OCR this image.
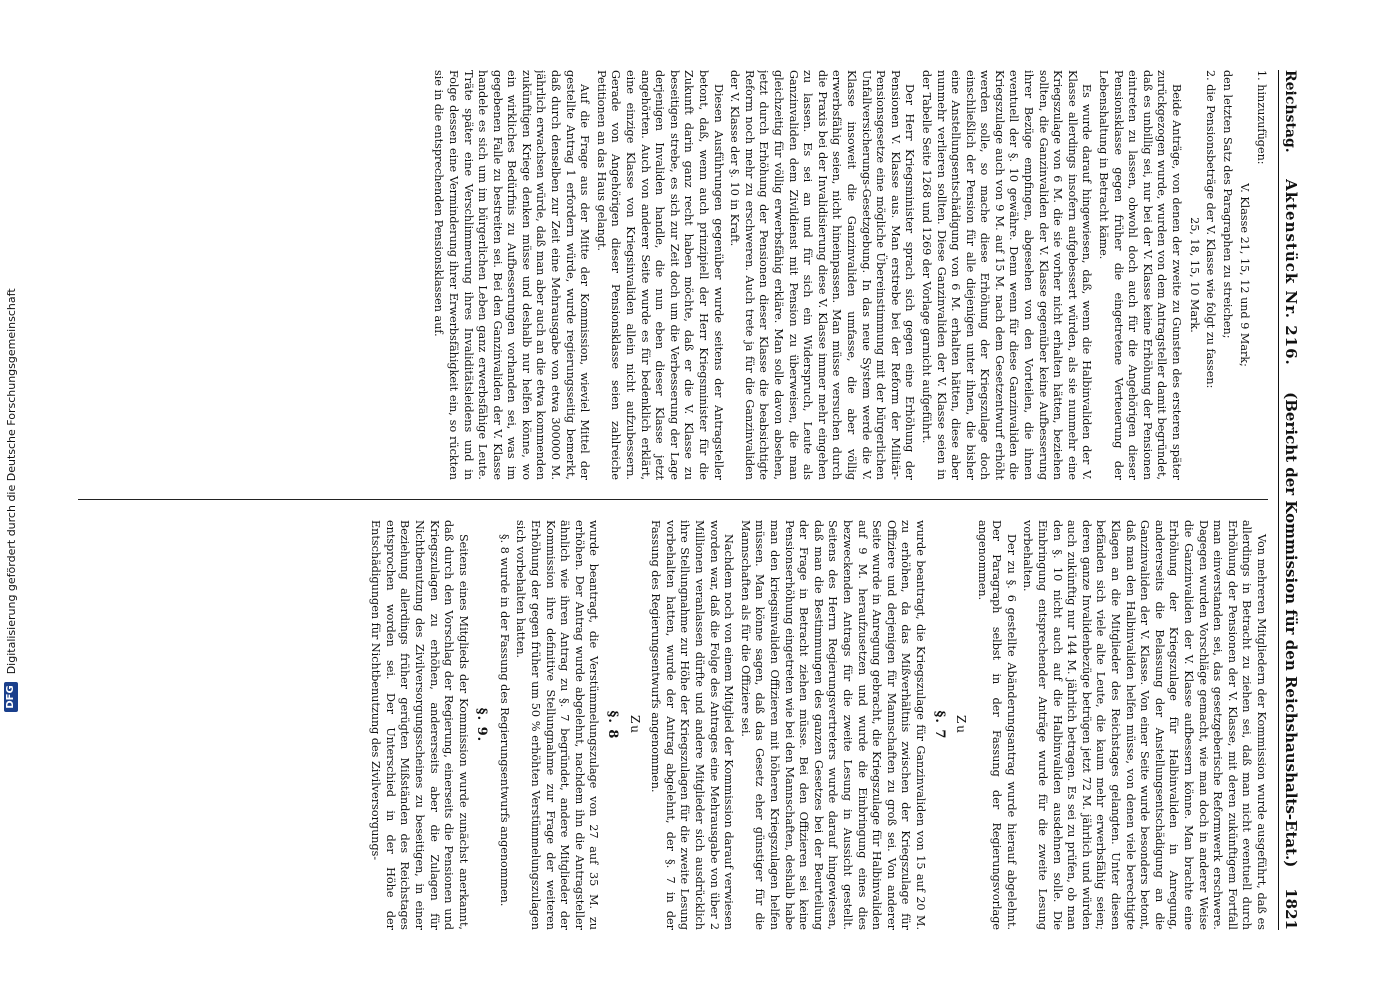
DFG
Digitalisierung gefördert durch die Deutsche Forschungsgemeinschaft
Reichstag.
Aktenstück Nr. 216.
(Bericht der Kommission für den Reichshaushalts-Etat.)    1821
1. hinzuzufügen:
V. Klasse 21, 15, 12 und 9 Mark;

den letzten Satz des Paragraphen zu streichen;

2. die Pensionsbeträge der V. Klasse wie folgt zu fassen:
25, 18, 15, 10 Mark.

Beide Anträge, von denen der zweite zu Gunsten des ersteren später zurückgezogen wurde, wurden von dem Antragsteller damit begründet, daß es unbillig sei, nur bei der V. Klasse keine Erhöhung der Pensionen eintreten zu lassen, obwohl doch auch für die Angehörigen dieser Pensionsklasse gegen früher die eingetretene Verteuerung der Lebenshaltung in Betracht käme.

Es wurde darauf hingewiesen, daß, wenn die Halbinvaliden der V. Klasse allerdings insofern aufgebessert würden, als sie nunmehr eine Kriegszulage von 6 M. die sie vorher nicht erhalten hätten, beziehen sollten, die Ganzinvaliden der V. Klasse gegenüber keine Aufbesserung ihrer Bezüge empfingen, abgesehen von den Vorteilen, die ihnen eventuell der §. 10 gewähre. Denn wenn für diese Ganzinvaliden die Kriegszulage auch von 9 M. auf 15 M. nach dem Gesetzentwurf erhöht werden solle, so mache diese Erhöhung der Kriegszulage doch einschließlich der Pension für alle diejenigen unter ihnen, die bisher eine Anstellungsentschädigung von 6 M. erhalten hätten, diese aber nunmehr verlieren sollten. Diese Ganzinvaliden der V. Klasse seien in der Tabelle Seite 1268 und 1269 der Vorlage garnicht aufgeführt.

Der Herr Kriegsminister sprach sich gegen eine Erhöhung der Pensionen V. Klasse aus. Man erstrebe bei der Reform der Militär-Pensionsgesetze eine mögliche Übereinstimmung mit der bürgerlichen Unfallversicherungs-Gesetzgebung. In das neue System werde die V. Klasse insoweit die Ganzinvaliden umfasse, die aber völlig erwerbsfähig seien, nicht hineinpassen. Man müsse versuchen durch die Praxis bei der Invalidisierung diese V. Klasse immer mehr eingehen zu lassen. Es sei an und für sich ein Widerspruch, Leute als Ganzinvaliden dem Zivildienst mit Pension zu überweisen, die man gleichzeitig für völlig erwerbsfähig erkläre. Man solle davon absehen, jetzt durch Erhöhung der Pensionen dieser Klasse die beabsichtigte Reform noch mehr zu erschweren. Auch trete ja für die Ganzinvaliden der V. Klasse der §. 10 in Kraft.

Diesen Ausführungen gegenüber wurde seitens der Antragsteller betont, daß, wenn auch prinzipiell der Herr Kriegsminister für die Zukunft darin ganz recht haben möchte, daß er die V. Klasse zu beseitigen strebe, es sich zur Zeit doch um die Verbesserung der Lage derjenigen Invaliden handle, die nun eben dieser Klasse jetzt angehörten. Auch von anderer Seite wurde es für bedenklich erklärt, eine einzige Klasse von Kriegsinvaliden allein nicht aufzubessern. Gerade von Angehörigen dieser Pensionsklasse seien zahlreiche Petitionen an das Haus gelangt.

Auf die Frage aus der Mitte der Kommission, wieviel Mittel der gestellte Antrag 1 erfordern würde, wurde regierungsseitig bemerkt, daß durch denselben zur Zeit eine Mehrausgabe von etwa 300000 M. jährlich erwachsen würde, daß man aber auch an die etwa kommenden zukünftigen Kriege denken müsse und deshalb nur helfen könne, wo ein wirkliches Bedürfnis zu Aufbesserungen vorhanden sei, was im gegebenen Falle zu bestreiten sei. Bei den Ganzinvaliden der V. Klasse handele es sich um im bürgerlichen Leben ganz erwerbsfähige Leute. Träte später eine Verschlimmerung ihres Invaliditätsleidens und in Folge dessen eine Verminderung ihrer Erwerbsfähigkeit ein, so rückten sie in die entsprechenden Pensionsklassen auf.

Von mehreren Mitgliedern der Kommission wurde ausgeführt, daß es allerdings in Betracht zu ziehen sei, daß man nicht eventuell durch Erhöhung der Pensionen der V. Klasse, mit deren zukünftigem Fortfall man einverstanden sei, das gesetzgeberische Reformwerk erschwere. Dagegen wurden Vorschläge gemacht, wie man doch in anderer Weise die Ganzinvaliden der V. Klasse aufbessern könne. Man brachte eine Erhöhung der Kriegszulage für Halbinvaliden in Anregung, andererseits die Belassung der Anstellungsentschädigung an die Ganzinvaliden der V. Klasse. Von einer Seite wurde besonders betont, daß man den Halbinvaliden helfen müsse, von denen viele berechtigte Klagen an die Mitglieder des Reichstages gelangten. Unter diesen befänden sich viele alte Leute, die kaum mehr erwerbsfähig seien; deren ganze Invalidenbezüge betrügen jetzt 72 M. jährlich und würden auch zukünftig nur 144 M. jährlich betragen. Es sei zu prüfen, ob man den §. 10 nicht auch auf die Halbinvaliden ausdehnen solle. Die Einbringung entsprechender Anträge wurde für die zweite Lesung vorbehalten.

Der zu §. 6 gestellte Abänderungsantrag wurde hierauf abgelehnt. Der Paragraph selbst in der Fassung der Regierungsvorlage angenommen.

Zu
§. 7

wurde beantragt, die Kriegszulage für Ganzinvaliden von 15 auf 20 M. zu erhöhen, da das Mißverhältnis zwischen der Kriegszulage für Offiziere und derjenigen für Mannschaften zu groß sei. Von anderer Seite wurde in Anregung gebracht, die Kriegszulage für Halbinvaliden auf 9 M. heraufzusetzen und wurde die Einbringung eines dies bezweckenden Antrags für die zweite Lesung in Aussicht gestellt. Seitens des Herrn Regierungsvertreters wurde darauf hingewiesen, daß man die Bestimmungen des ganzen Gesetzes bei der Beurteilung der Frage in Betracht ziehen müsse. Bei den Offizieren sei keine Pensionserhöhung eingetreten wie bei den Mannschaften, deshalb habe man den kriegsinvaliden Offizieren mit höheren Kriegszulagen helfen müssen. Man könne sagen, daß das Gesetz eher günstiger für die Mannschaften als für die Offiziere sei.

Nachdem noch von einem Mitglied der Kommission darauf verwiesen worden war, daß die Folge des Antrages eine Mehrausgabe von über 2 Millionen veranlassen dürfte und andere Mitglieder sich ausdrücklich ihre Stellungnahme zur Höhe der Kriegszulagen für die zweite Lesung vorbehalten hatten, wurde der Antrag abgelehnt, der §. 7 in der Fassung des Regierungsentwurfs angenommen.

Zu
§. 8

wurde beantragt, die Verstümmelungszulage von 27 auf 35 M. zu erhöhen. Der Antrag wurde abgelehnt, nachdem ihn die Antragsteller ähnlich wie ihren Antrag zu §. 7 begründet, andere Mitglieder der Kommission ihre definitive Stellungnahme zur Frage der weiteren Erhöhung der gegen früher um 50 % erhöhten Verstümmelungszulagen sich vorbehalten hatten.

§. 8 wurde in der Fassung des Regierungsentwurfs angenommen.

§. 9.

Seitens eines Mitglieds der Kommission wurde zunächst anerkannt, daß durch den Vorschlag der Regierung, einerseits die Pensionen und Kriegszulagen zu erhöhen, andererseits aber die Zulagen für Nichtbenutzung des Zivilversorgungsscheines zu beseitigen, in einer Beziehung allerdings früher gerügten Mißständen des Reichstages entsprochen worden sei. Der Unterschied in der Höhe der Entschädigungen für Nichtbenutzung des Zivilversorgungs-
